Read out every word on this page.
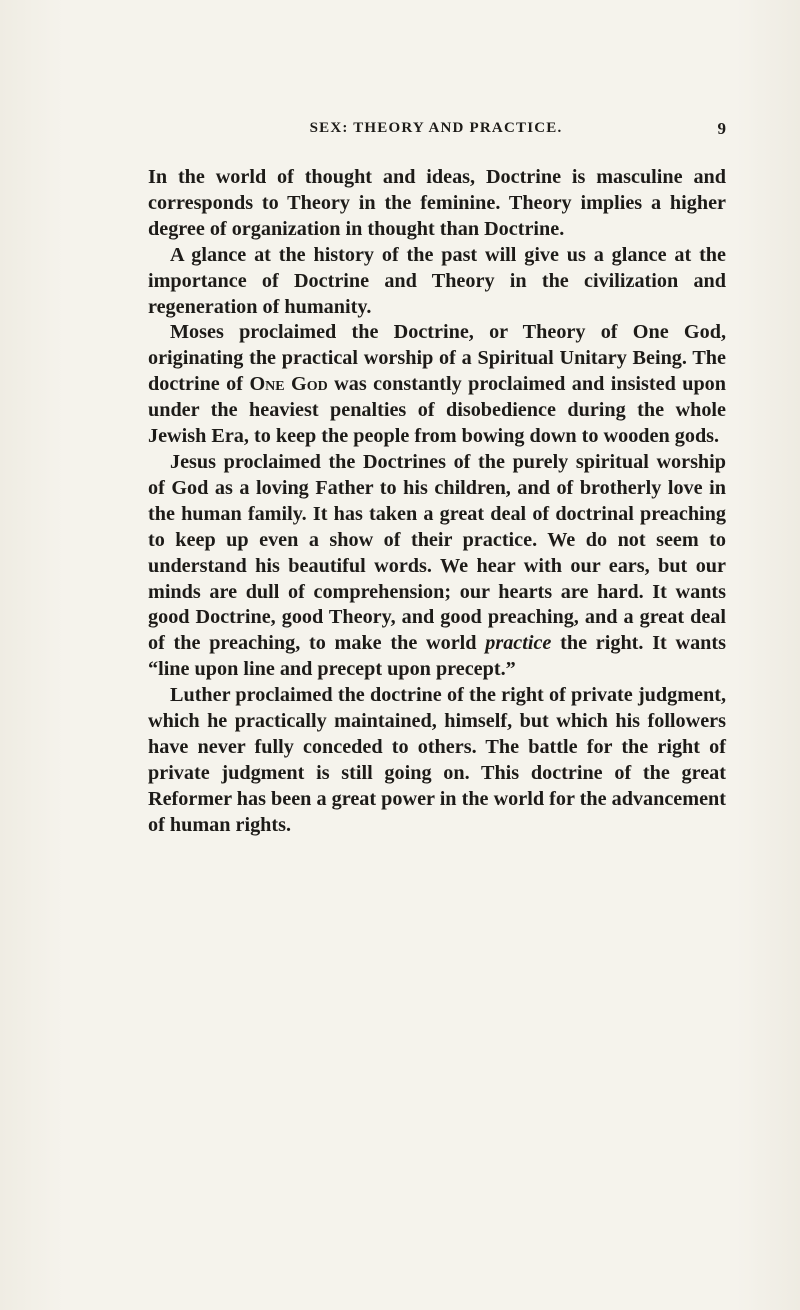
SEX: THEORY AND PRACTICE.	9

In the world of thought and ideas, Doctrine is masculine and corresponds to Theory in the feminine. Theory implies a higher degree of organization in thought than Doctrine.

A glance at the history of the past will give us a glance at the importance of Doctrine and Theory in the civilization and regeneration of humanity.

Moses proclaimed the Doctrine, or Theory of One God, originating the practical worship of a Spiritual Unitary Being. The doctrine of One God was constantly proclaimed and insisted upon under the heaviest penalties of disobedience during the whole Jewish Era, to keep the people from bowing down to wooden gods.

Jesus proclaimed the Doctrines of the purely spiritual worship of God as a loving Father to his children, and of brotherly love in the human family. It has taken a great deal of doctrinal preaching to keep up even a show of their practice. We do not seem to understand his beautiful words. We hear with our ears, but our minds are dull of comprehension; our hearts are hard. It wants good Doctrine, good Theory, and good preaching, and a great deal of the preaching, to make the world practice the right. It wants “line upon line and precept upon precept.”

Luther proclaimed the doctrine of the right of private judgment, which he practically maintained, himself, but which his followers have never fully conceded to others. The battle for the right of private judgment is still going on. This doctrine of the great Reformer has been a great power in the world for the advancement of human rights.
